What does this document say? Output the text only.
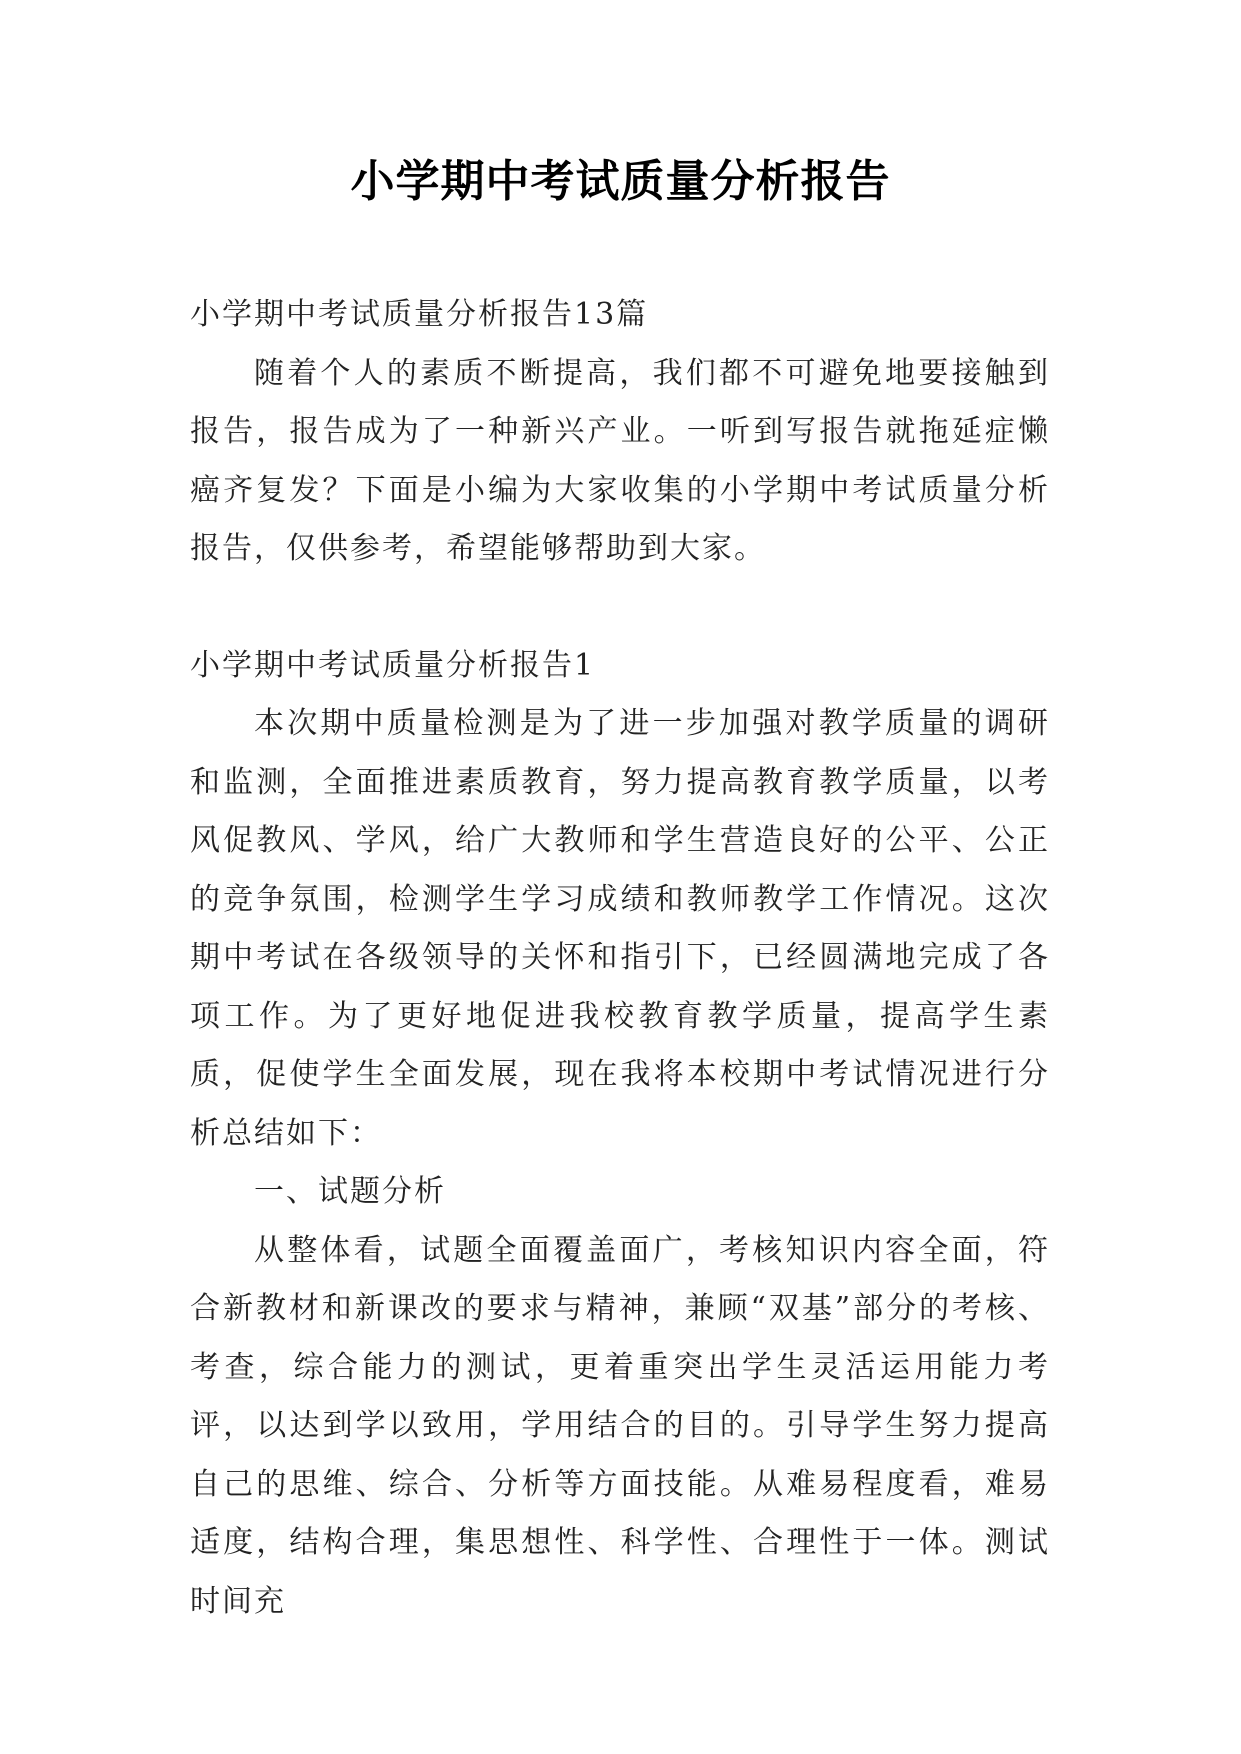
小学期中考试质量分析报告

小学期中考试质量分析报告13篇

随着个人的素质不断提高，我们都不可避免地要接触到报告，报告成为了一种新兴产业。一听到写报告就拖延症懒癌齐复发？下面是小编为大家收集的小学期中考试质量分析报告，仅供参考，希望能够帮助到大家。

小学期中考试质量分析报告1

本次期中质量检测是为了进一步加强对教学质量的调研和监测，全面推进素质教育，努力提高教育教学质量，以考风促教风、学风，给广大教师和学生营造良好的公平、公正的竞争氛围，检测学生学习成绩和教师教学工作情况。这次期中考试在各级领导的关怀和指引下，已经圆满地完成了各项工作。为了更好地促进我校教育教学质量，提高学生素质，促使学生全面发展，现在我将本校期中考试情况进行分析总结如下：

一、试题分析

从整体看，试题全面覆盖面广，考核知识内容全面，符合新教材和新课改的要求与精神，兼顾“双基”部分的考核、考查，综合能力的测试，更着重突出学生灵活运用能力考评，以达到学以致用，学用结合的目的。引导学生努力提高自己的思维、综合、分析等方面技能。从难易程度看，难易适度，结构合理，集思想性、科学性、合理性于一体。测试时间充
